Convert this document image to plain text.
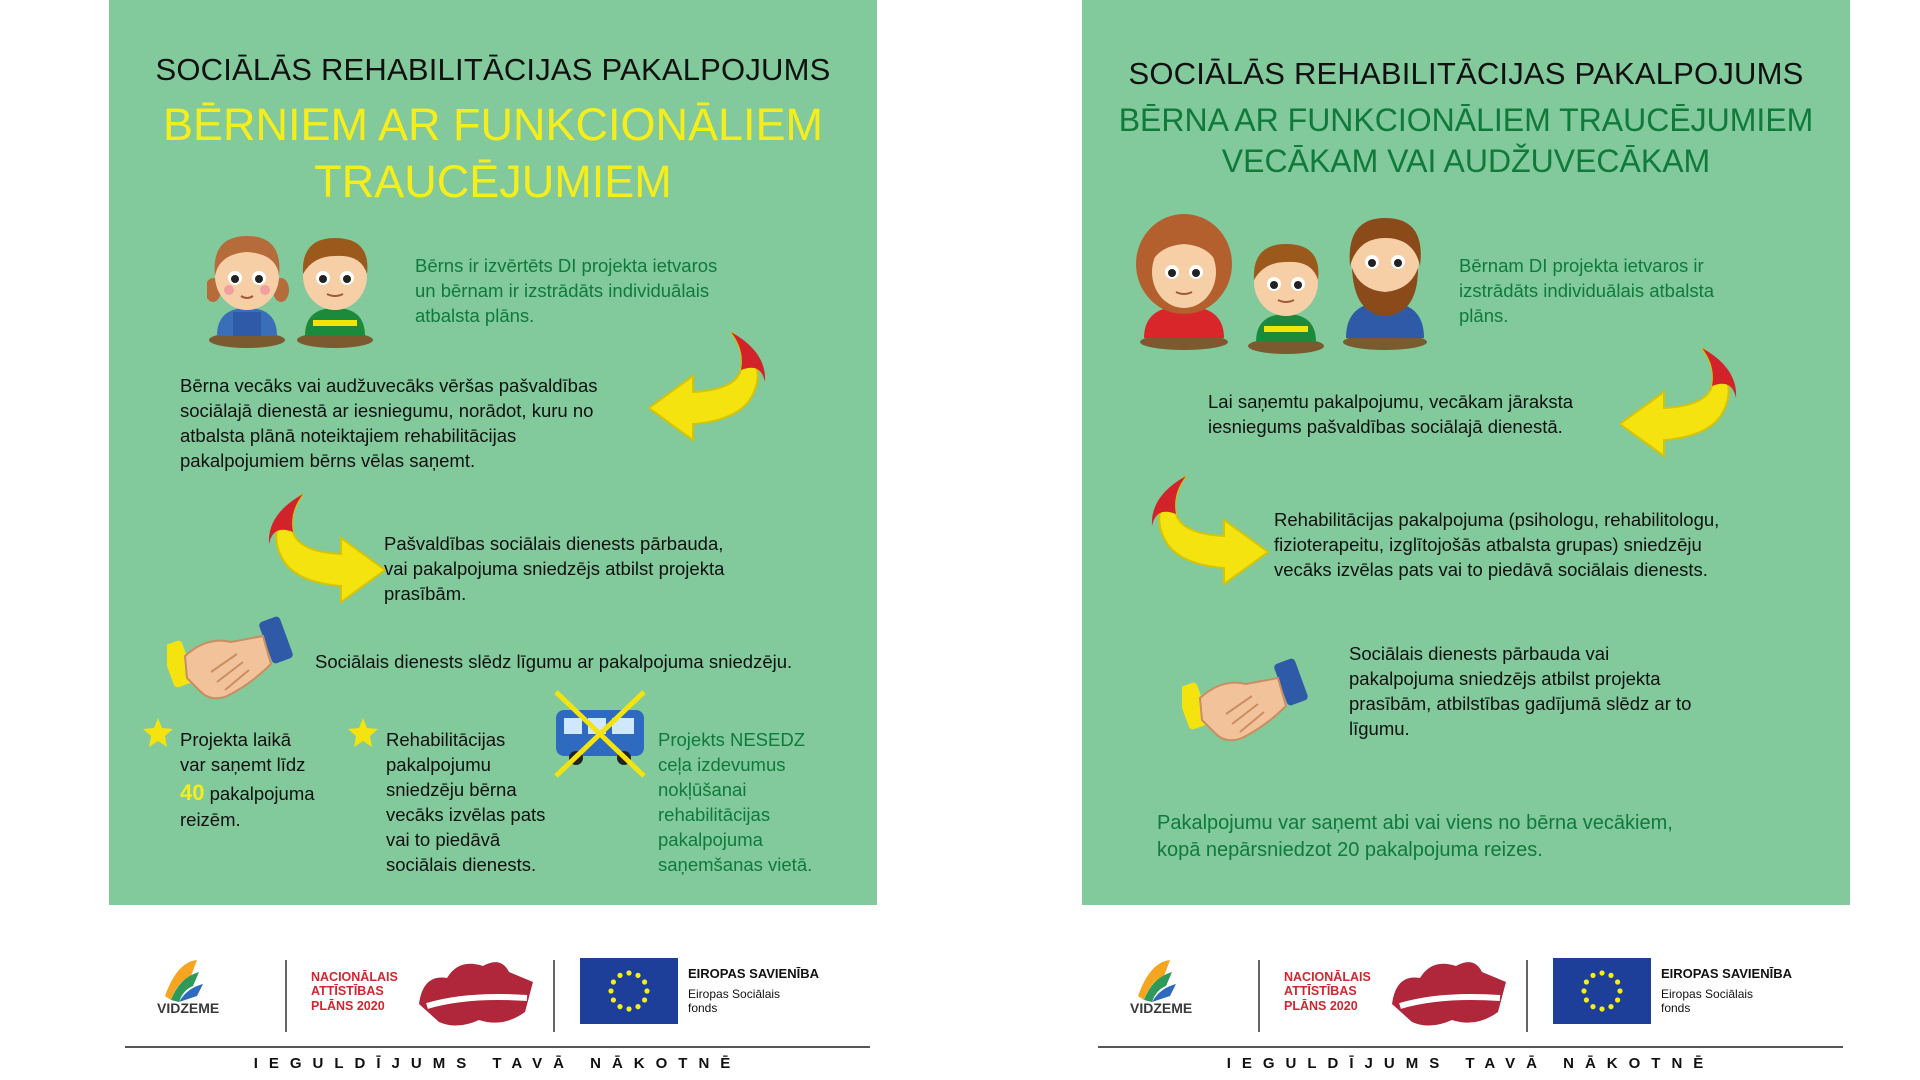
SOCIĀLĀS REHABILITĀCIJAS PAKALPOJUMS
BĒRNIEM AR FUNKCIONĀLIEM
TRAUCĒJUMIEM
Bērns ir izvērtēts DI projekta ietvaros
un bērnam ir izstrādāts individuālais
atbalsta plāns.
Bērna vecāks vai audžuvecāks vēršas pašvaldības
sociālajā dienestā ar iesniegumu, norādot, kuru no
atbalsta plānā noteiktajiem rehabilitācijas
pakalpojumiem bērns vēlas saņemt.
Pašvaldības sociālais dienests pārbauda,
vai pakalpojuma sniedzējs atbilst projekta
prasībām.
Sociālais dienests slēdz līgumu ar pakalpojuma sniedzēju.
Projekta laikā
var saņemt līdz
40 pakalpojuma
reizēm.
Rehabilitācijas
pakalpojumu
sniedzēju bērna
vecāks izvēlas pats
vai to piedāvā
sociālais dienests.
Projekts NESEDZ
ceļa izdevumus
nokļūšanai
rehabilitācijas
pakalpojuma
saņemšanas vietā.
SOCIĀLĀS REHABILITĀCIJAS PAKALPOJUMS
BĒRNA AR FUNKCIONĀLIEM TRAUCĒJUMIEM
VECĀKAM VAI AUDŽUVECĀKAM
Bērnam DI projekta ietvaros ir
izstrādāts individuālais atbalsta
plāns.
Lai saņemtu pakalpojumu, vecākam jāraksta
iesniegums pašvaldības sociālajā dienestā.
Rehabilitācijas pakalpojuma (psihologu, rehabilitologu,
fizioterapeitu, izglītojošās atbalsta grupas) sniedzēju
vecāks izvēlas pats vai to piedāvā sociālais dienests.
Sociālais dienests pārbauda vai
pakalpojuma sniedzējs atbilst projekta
prasībām, atbilstības gadījumā slēdz ar to
līgumu.
Pakalpojumu var saņemt abi vai viens no bērna vecākiem,
kopā nepārsniedzot 20 pakalpojuma reizes.
VIDZEME
NACIONĀLAIS
ATTĪSTĪBAS
PLĀNS 2020
EIROPAS SAVIENĪBA
Eiropas Sociālais
fonds
IEGULDĪJUMS TAVĀ NĀKOTNĒ
VIDZEME
NACIONĀLAIS
ATTĪSTĪBAS
PLĀNS 2020
EIROPAS SAVIENĪBA
Eiropas Sociālais
fonds
IEGULDĪJUMS TAVĀ NĀKOTNĒ
